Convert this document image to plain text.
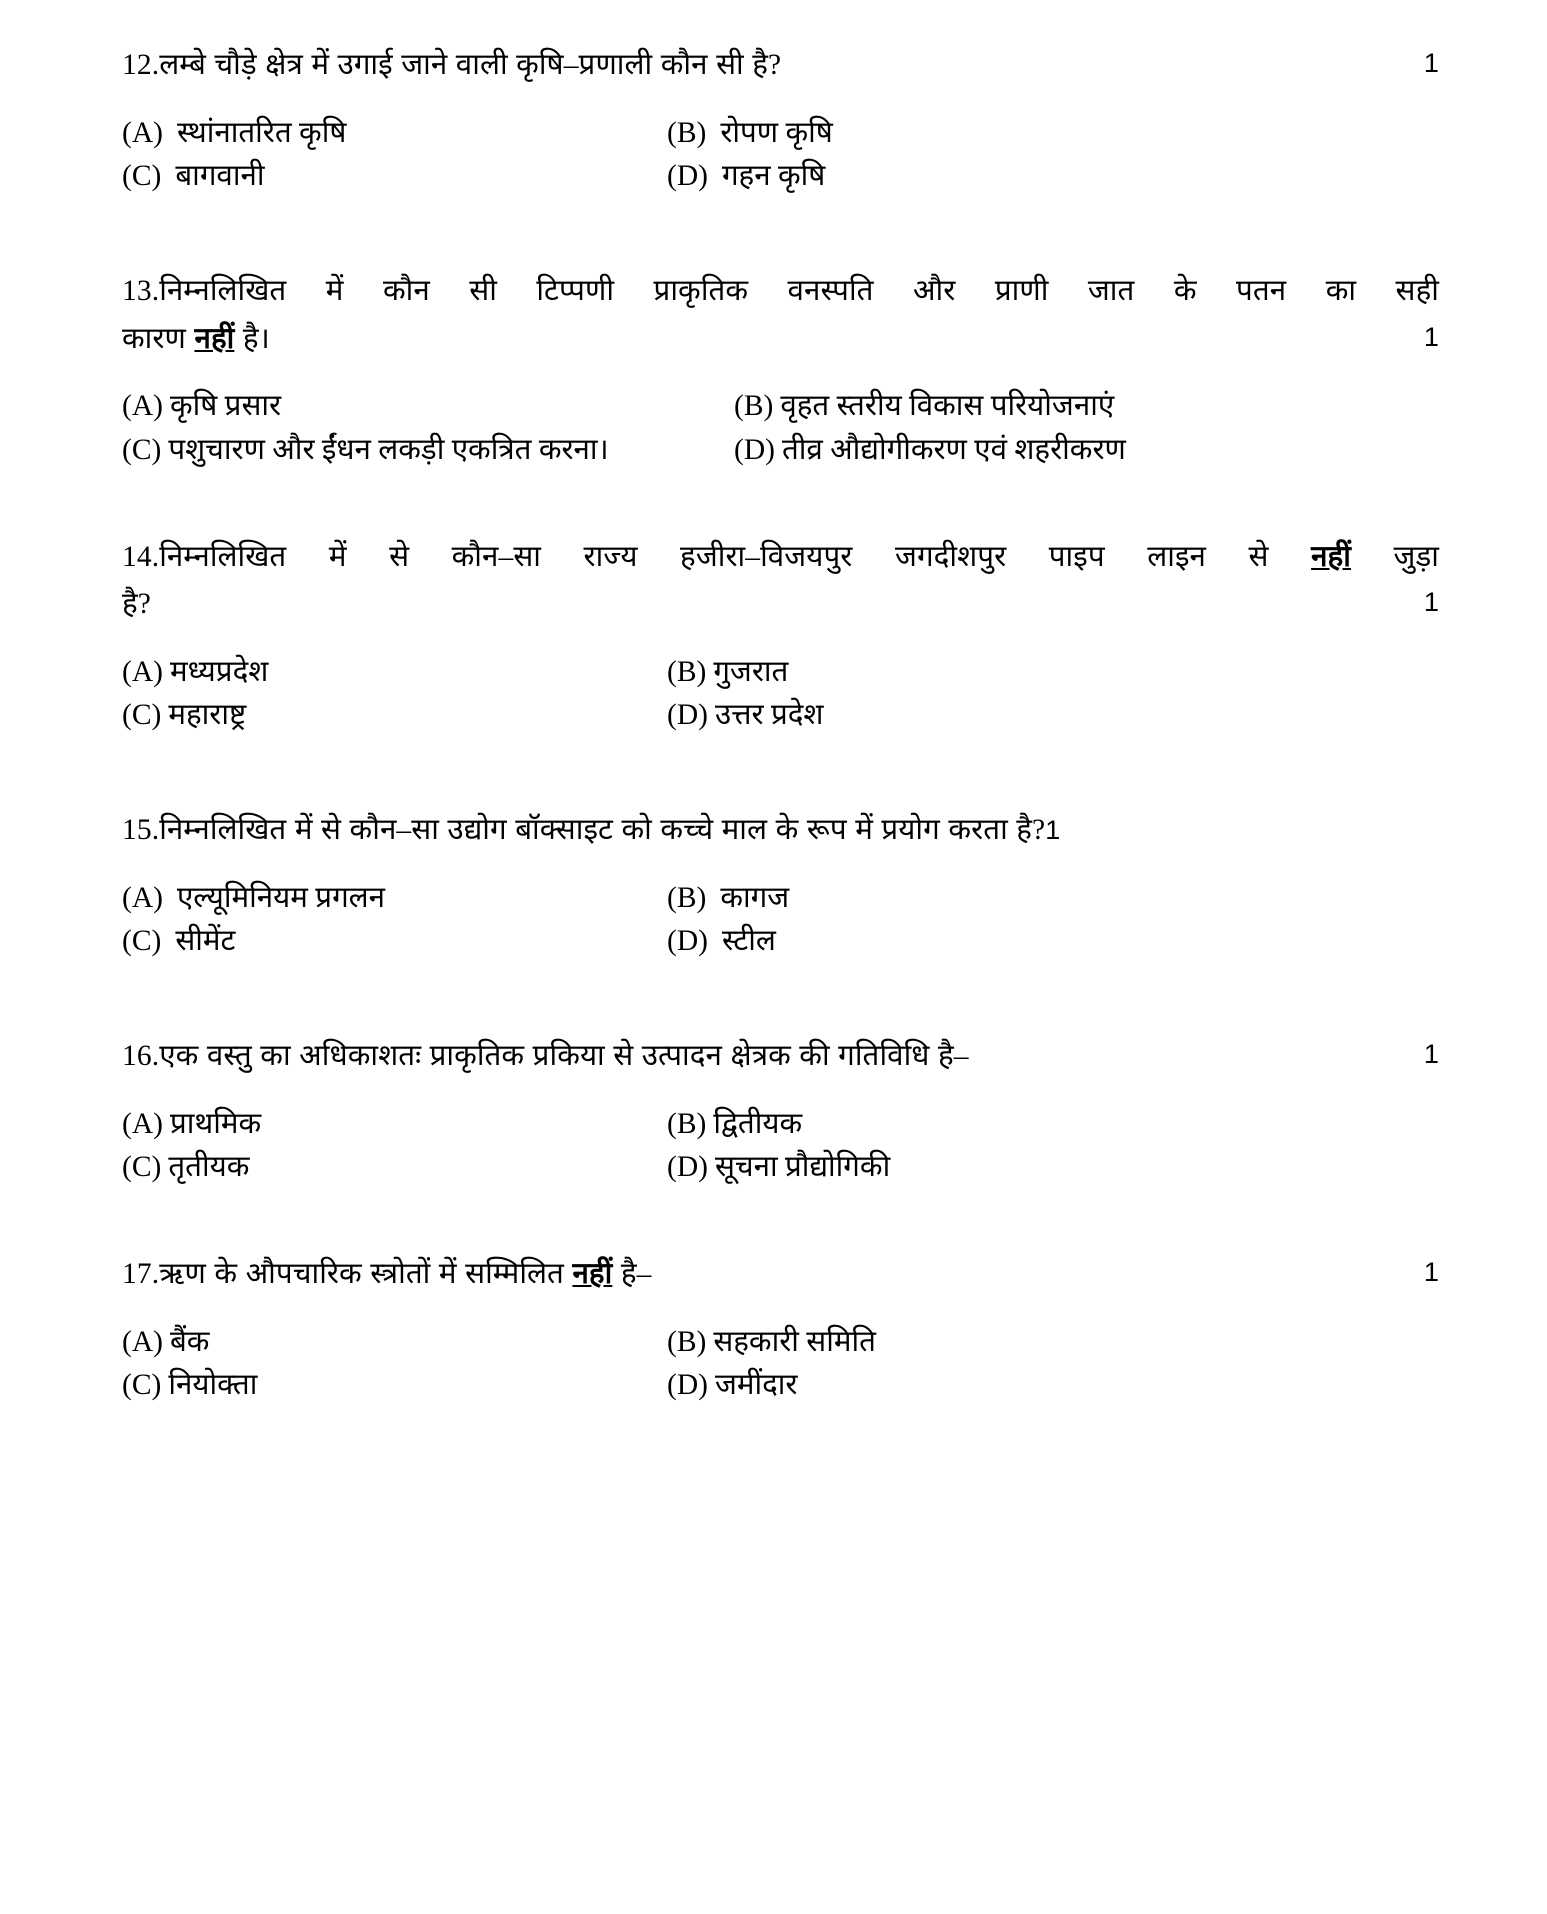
1
12.लम्बे चौड़े क्षेत्र में उगाई जाने वाली कृषि–प्रणाली कौन सी है?
(A) स्थांनातरित कृषि	(B) रोपण कृषि
(C) बागवानी	(D) गहन कृषि
13.निम्नलिखित में कौन सी टिप्पणी प्राकृतिक वनस्पति और प्राणी जात के पतन का सही
1
कारण नहीं है।
(A) कृषि प्रसार	(B) वृहत स्तरीय विकास परियोजनाएं
(C) पशुचारण और ईंधन लकड़ी एकत्रित करना।	(D) तीव्र औद्योगीकरण एवं शहरीकरण
14.निम्नलिखित में से कौन–सा राज्य हजीरा–विजयपुर जगदीशपुर पाइप लाइन से नहीं जुड़ा
1
है?
(A) मध्यप्रदेश	(B) गुजरात
(C) महाराष्ट्र	(D) उत्तर प्रदेश
15.निम्नलिखित में से कौन–सा उद्योग बॉक्साइट को कच्चे माल के रूप में प्रयोग करता है?1
(A) एल्यूमिनियम प्रगलन	(B) कागज
(C) सीमेंट	(D) स्टील
1
16.एक वस्तु का अधिकाशतः प्राकृतिक प्रकिया से उत्पादन क्षेत्रक की गतिविधि है–
(A) प्राथमिक	(B) द्वितीयक
(C) तृतीयक	(D) सूचना प्रौद्योगिकी
1
17.ऋण के औपचारिक स्त्रोतों में सम्मिलित नहीं है–
(A) बैंक	(B) सहकारी समिति
(C) नियोक्ता	(D) जमींदार
